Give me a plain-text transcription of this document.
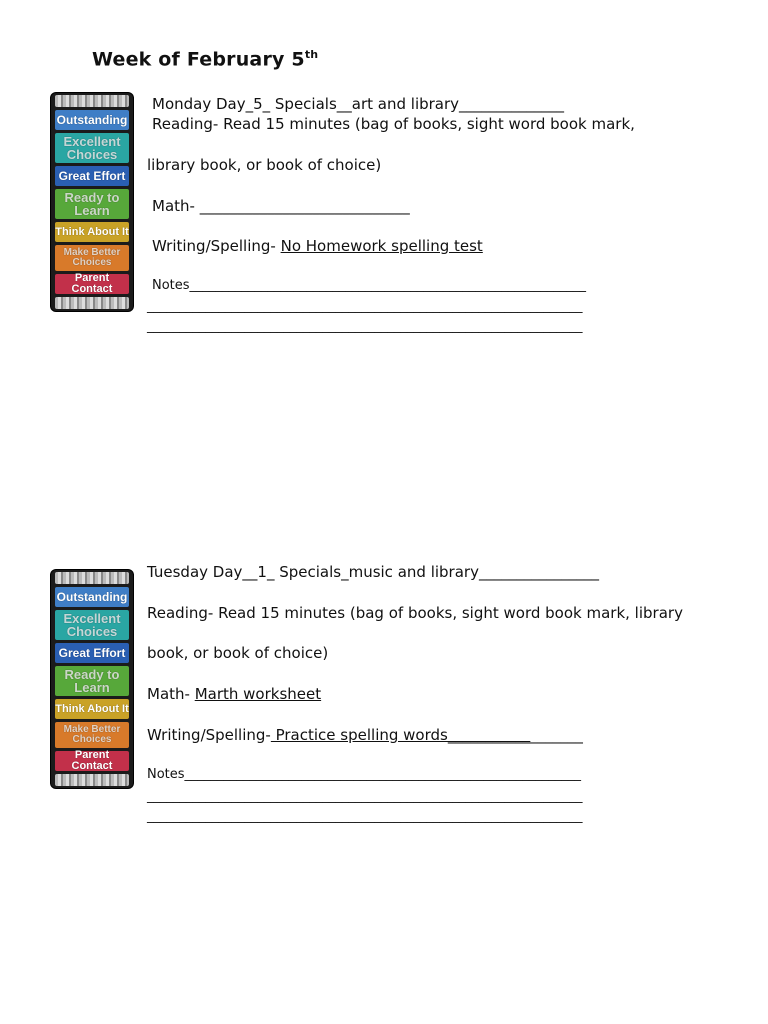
Week of February 5th
Outstanding
Excellent Choices
Great Effort
Ready to Learn
Think About It
Make Better Choices
Parent Contact
Monday Day_5_ Specials__art and library______________
Reading- Read 15 minutes (bag of books, sight word book mark,
library book, or book of choice)
Math- ____________________________
Writing/Spelling- No Homework spelling test
Notes_____________________________________________________________
___________________________________________________________________
___________________________________________________________________
Outstanding
Excellent Choices
Great Effort
Ready to Learn
Think About It
Make Better Choices
Parent Contact
Tuesday Day__1_ Specials_music and library________________
Reading- Read 15 minutes (bag of books, sight word book mark, library
book, or book of choice)
Math- Marth worksheet
Writing/Spelling- Practice spelling words__________________
Notes_____________________________________________________________
___________________________________________________________________
___________________________________________________________________
